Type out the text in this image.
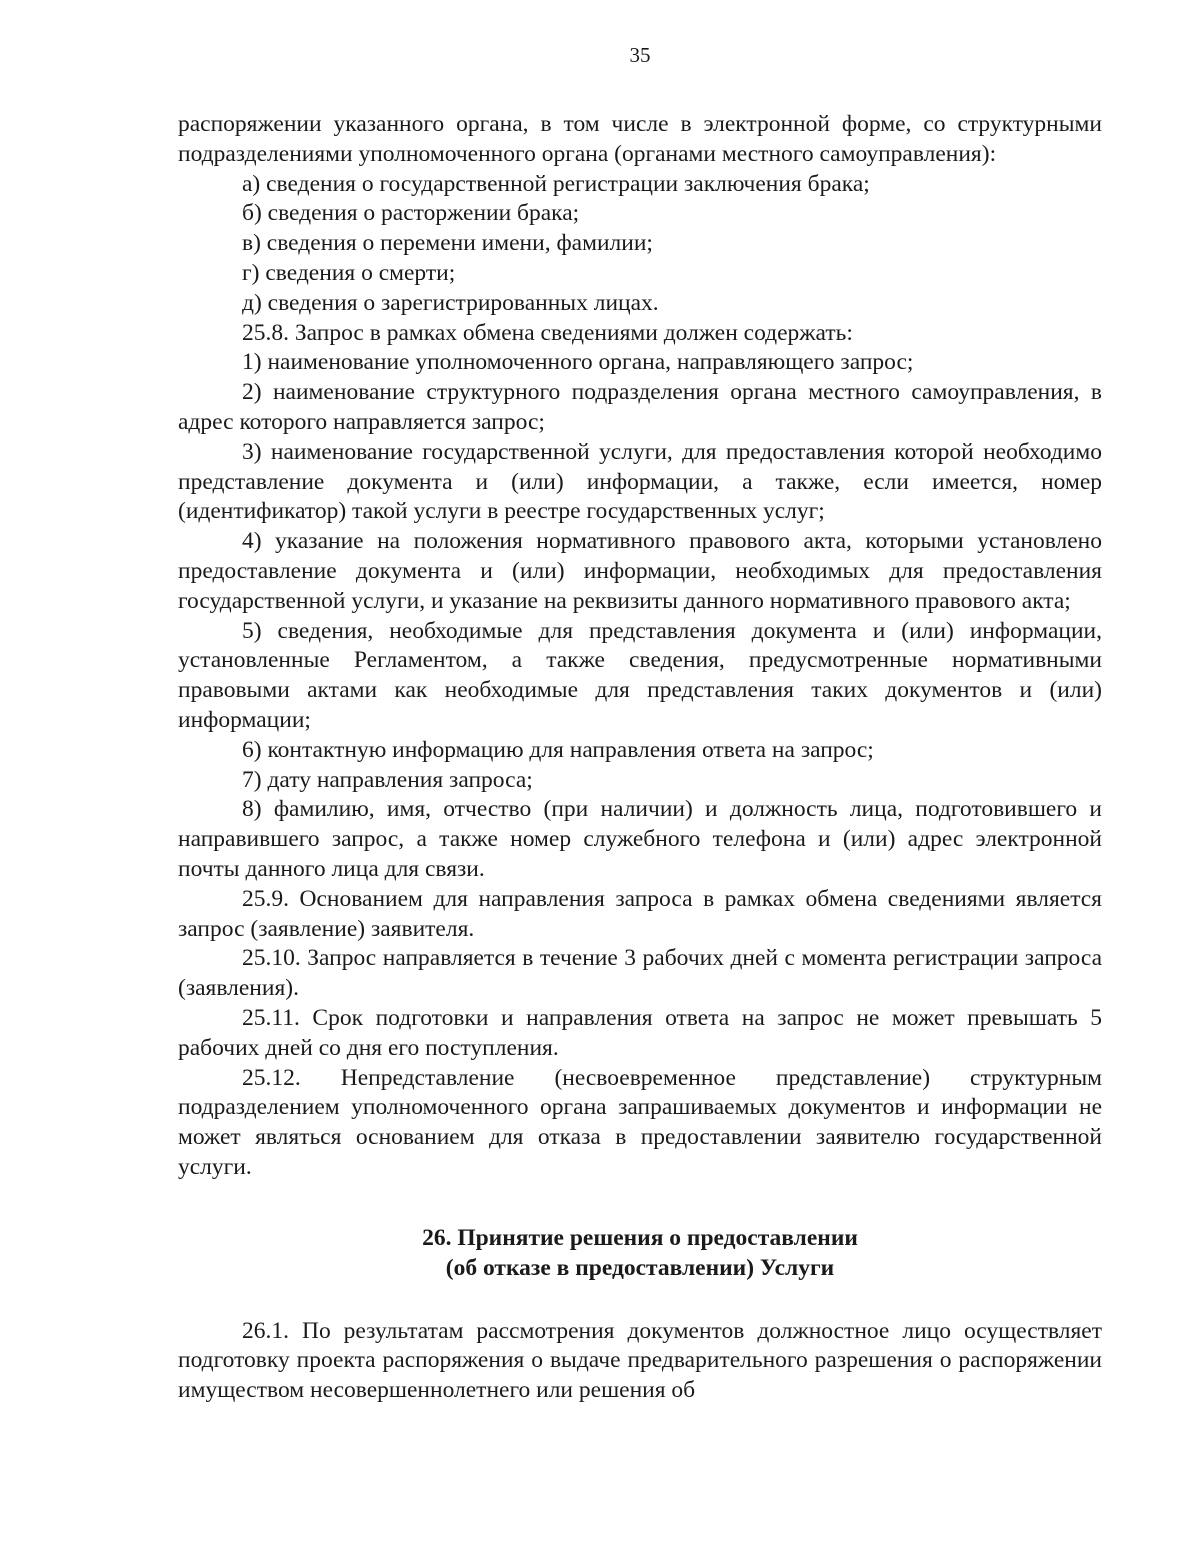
35

распоряжении указанного органа, в том числе в электронной форме, со структурными подразделениями уполномоченного органа (органами местного самоуправления):

а) сведения о государственной регистрации заключения брака;

б) сведения о расторжении брака;

в) сведения о перемени имени, фамилии;

г) сведения о смерти;

д) сведения о зарегистрированных лицах.

25.8. Запрос в рамках обмена сведениями должен содержать:

1) наименование уполномоченного органа, направляющего запрос;

2) наименование структурного подразделения органа местного самоуправления, в адрес которого направляется запрос;

3) наименование государственной услуги, для предоставления которой необходимо представление документа и (или) информации, а также, если имеется, номер (идентификатор) такой услуги в реестре государственных услуг;

4) указание на положения нормативного правового акта, которыми установлено предоставление документа и (или) информации, необходимых для предоставления государственной услуги, и указание на реквизиты данного нормативного правового акта;

5) сведения, необходимые для представления документа и (или) информации, установленные Регламентом, а также сведения, предусмотренные нормативными правовыми актами как необходимые для представления таких документов и (или) информации;

6) контактную информацию для направления ответа на запрос;

7) дату направления запроса;

8) фамилию, имя, отчество (при наличии) и должность лица, подготовившего и направившего запрос, а также номер служебного телефона и (или) адрес электронной почты данного лица для связи.

25.9. Основанием для направления запроса в рамках обмена сведениями является запрос (заявление) заявителя.

25.10. Запрос направляется в течение 3 рабочих дней с момента регистрации запроса (заявления).

25.11. Срок подготовки и направления ответа на запрос не может превышать 5 рабочих дней со дня его поступления.

25.12. Непредставление (несвоевременное представление) структурным подразделением уполномоченного органа запрашиваемых документов и информации не может являться основанием для отказа в предоставлении заявителю государственной услуги.

26. Принятие решения о предоставлении
(об отказе в предоставлении) Услуги

26.1. По результатам рассмотрения документов должностное лицо осуществляет подготовку проекта распоряжения о выдаче предварительного разрешения о распоряжении имуществом несовершеннолетнего или решения об
